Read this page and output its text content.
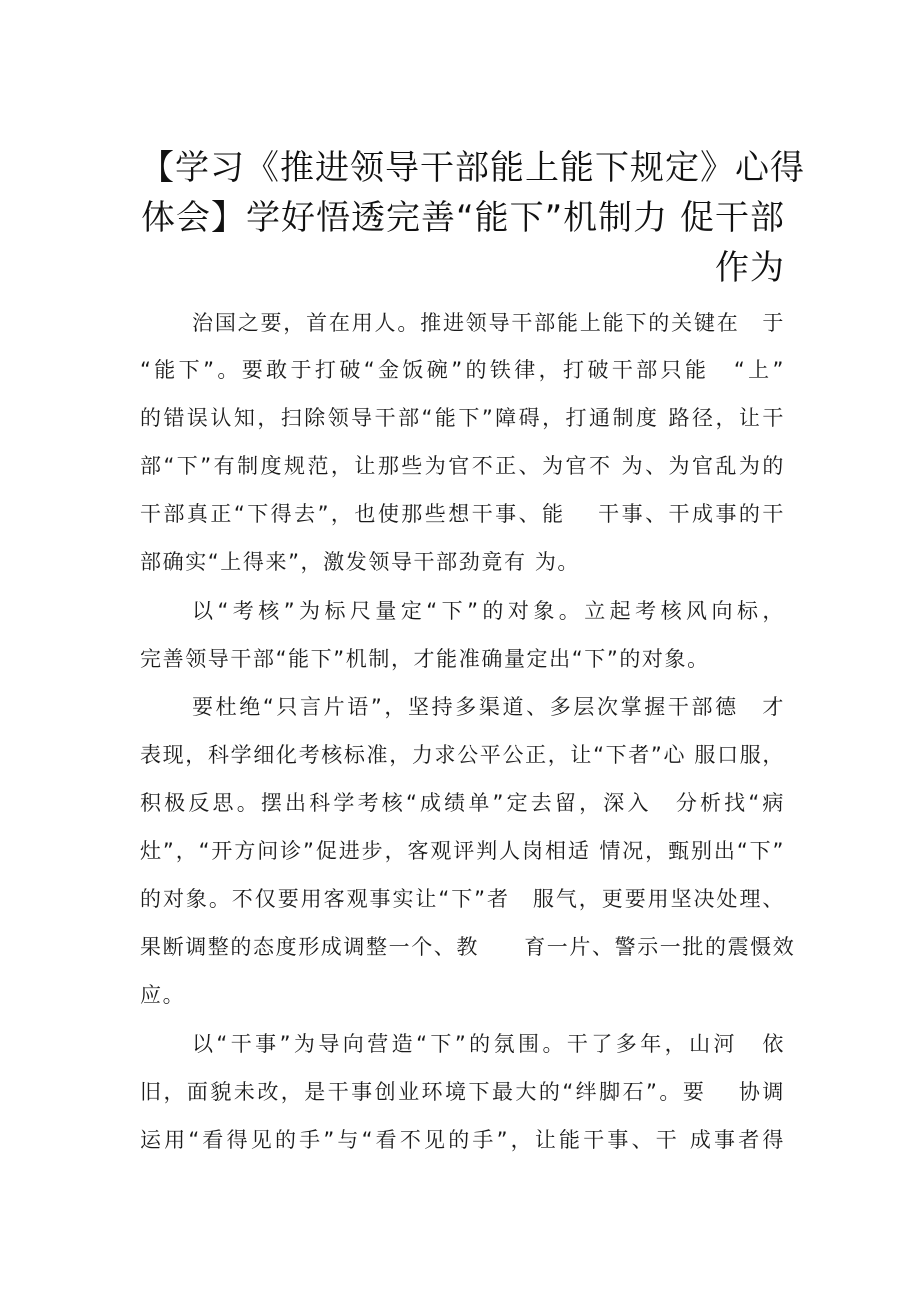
【学习《推进领导干部能上能下规定》心得
体会】学好悟透完善“能下”机制力 促干部
作为
治国之要，首在用人。推进领导干部能上能下的关键在　于
“能下”。要敢于打破“金饭碗”的铁律，打破干部只能　“上”
的错误认知，扫除领导干部“能下”障碍，打通制度 路径，让干
部“下”有制度规范，让那些为官不正、为官不 为、为官乱为的
干部真正“下得去”，也使那些想干事、能　 干事、干成事的干
部确实“上得来”，激发领导干部劲竟有 为。
以“考核”为标尺量定“下”的对象。立起考核风向标，
完善领导干部“能下”机制，才能准确量定出“下”的对象。
要杜绝“只言片语”，坚持多渠道、多层次掌握干部德　才
表现，科学细化考核标准，力求公平公正，让“下者”心 服口服，
积极反思。摆出科学考核“成绩单”定去留，深入　分析找“病
灶”，“开方问诊”促进步，客观评判人岗相适 情况，甄别出“下”
的对象。不仅要用客观事实让“下”者　服气，更要用坚决处理、
果断调整的态度形成调整一个、教　　育一片、警示一批的震慑效
应。
以“干事”为导向营造“下”的氛围。干了多年，山河　依
旧，面貌未改，是干事创业环境下最大的“绊脚石”。要　 协调
运用“看得见的手”与“看不见的手”，让能干事、干 成事者得
